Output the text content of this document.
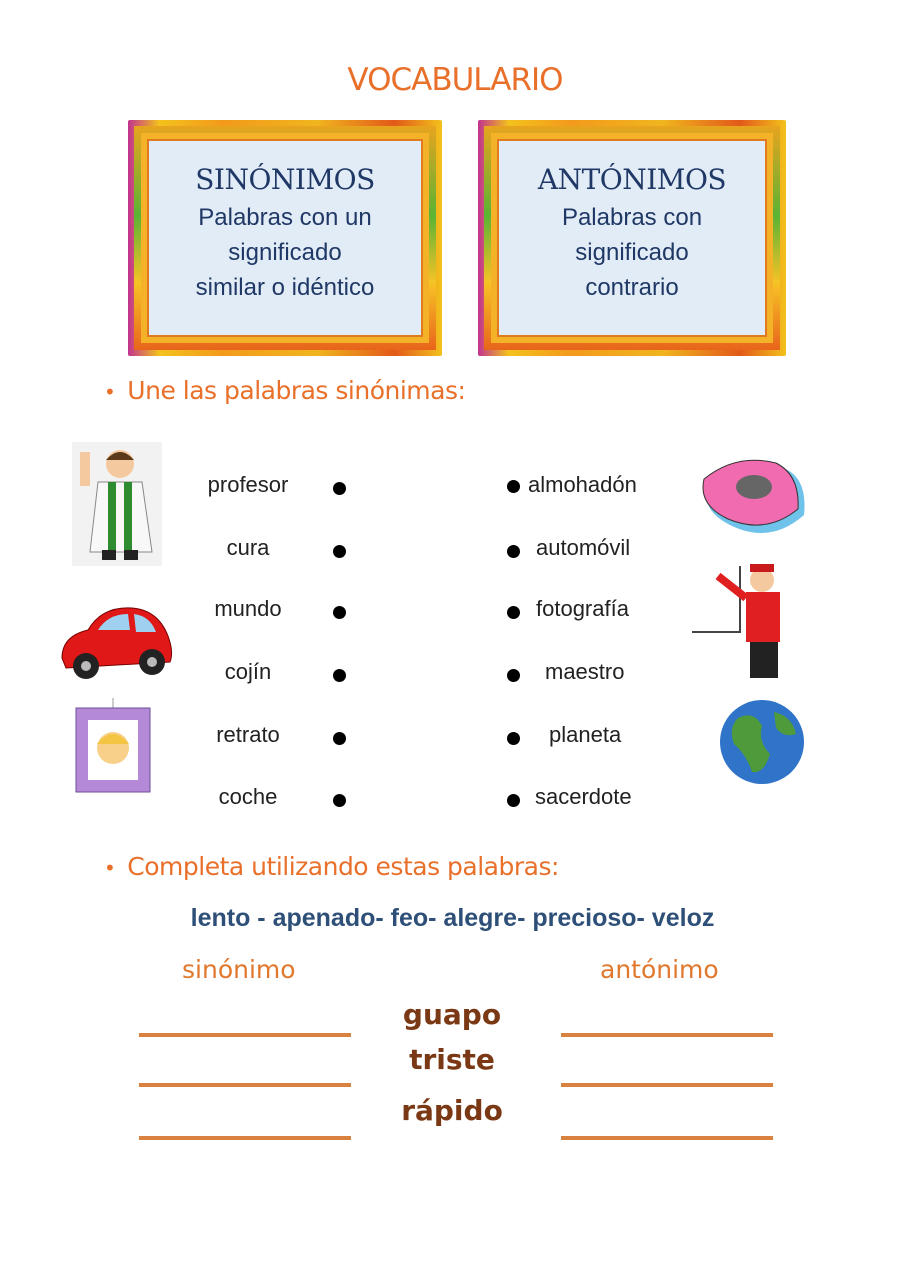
VOCABULARIO
SINÓNIMOS
Palabras con un
significado
similar o idéntico
ANTÓNIMOS
Palabras con
significado
contrario
• Une las palabras sinónimas:
profesor
cura
mundo
cojín
retrato
coche
almohadón
automóvil
fotografía
maestro
planeta
sacerdote
• Completa utilizando estas palabras:
lento - apenado- feo- alegre- precioso- veloz
sinónimo	antónimo
guapo
triste
rápido
